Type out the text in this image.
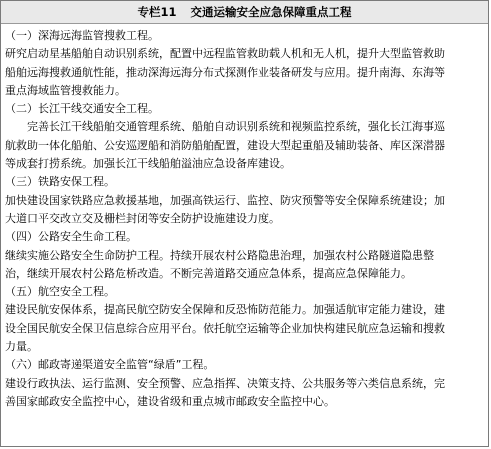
专栏11 交通运输安全应急保障重点工程
（一）深海远海监管搜救工程。
研究启动星基船舶自动识别系统，配置中远程监管救助载人机和无人机，提升大型监管救助
船舶远海搜救通航性能，推动深海远海分布式探测作业装备研发与应用。提升南海、东海等
重点海域监管搜救能力。
（二）长江干线交通安全工程。
完善长江干线船舶交通管理系统、船舶自动识别系统和视频监控系统，强化长江海事巡
航救助一体化船舶、公安巡逻船和消防船舶配置，建设大型起重船及辅助装备、库区深潜器
等成套打捞系统。加强长江干线船舶溢油应急设备库建设。
（三）铁路安保工程。
加快建设国家铁路应急救援基地，加强高铁运行、监控、防灾预警等安全保障系统建设；加
大道口平交改立交及栅栏封闭等安全防护设施建设力度。
（四）公路安全生命工程。
继续实施公路安全生命防护工程。持续开展农村公路隐患治理，加强农村公路隧道隐患整
治，继续开展农村公路危桥改造。不断完善道路交通应急体系，提高应急保障能力。
（五）航空安全工程。
建设民航安保体系，提高民航空防安全保障和反恐怖防范能力。加强适航审定能力建设，建
设全国民航安全保卫信息综合应用平台。依托航空运输等企业加快构建民航应急运输和搜救
力量。
（六）邮政寄递渠道安全监管“绿盾”工程。
建设行政执法、运行监测、安全预警、应急指挥、决策支持、公共服务等六类信息系统，完
善国家邮政安全监控中心，建设省级和重点城市邮政安全监控中心。
